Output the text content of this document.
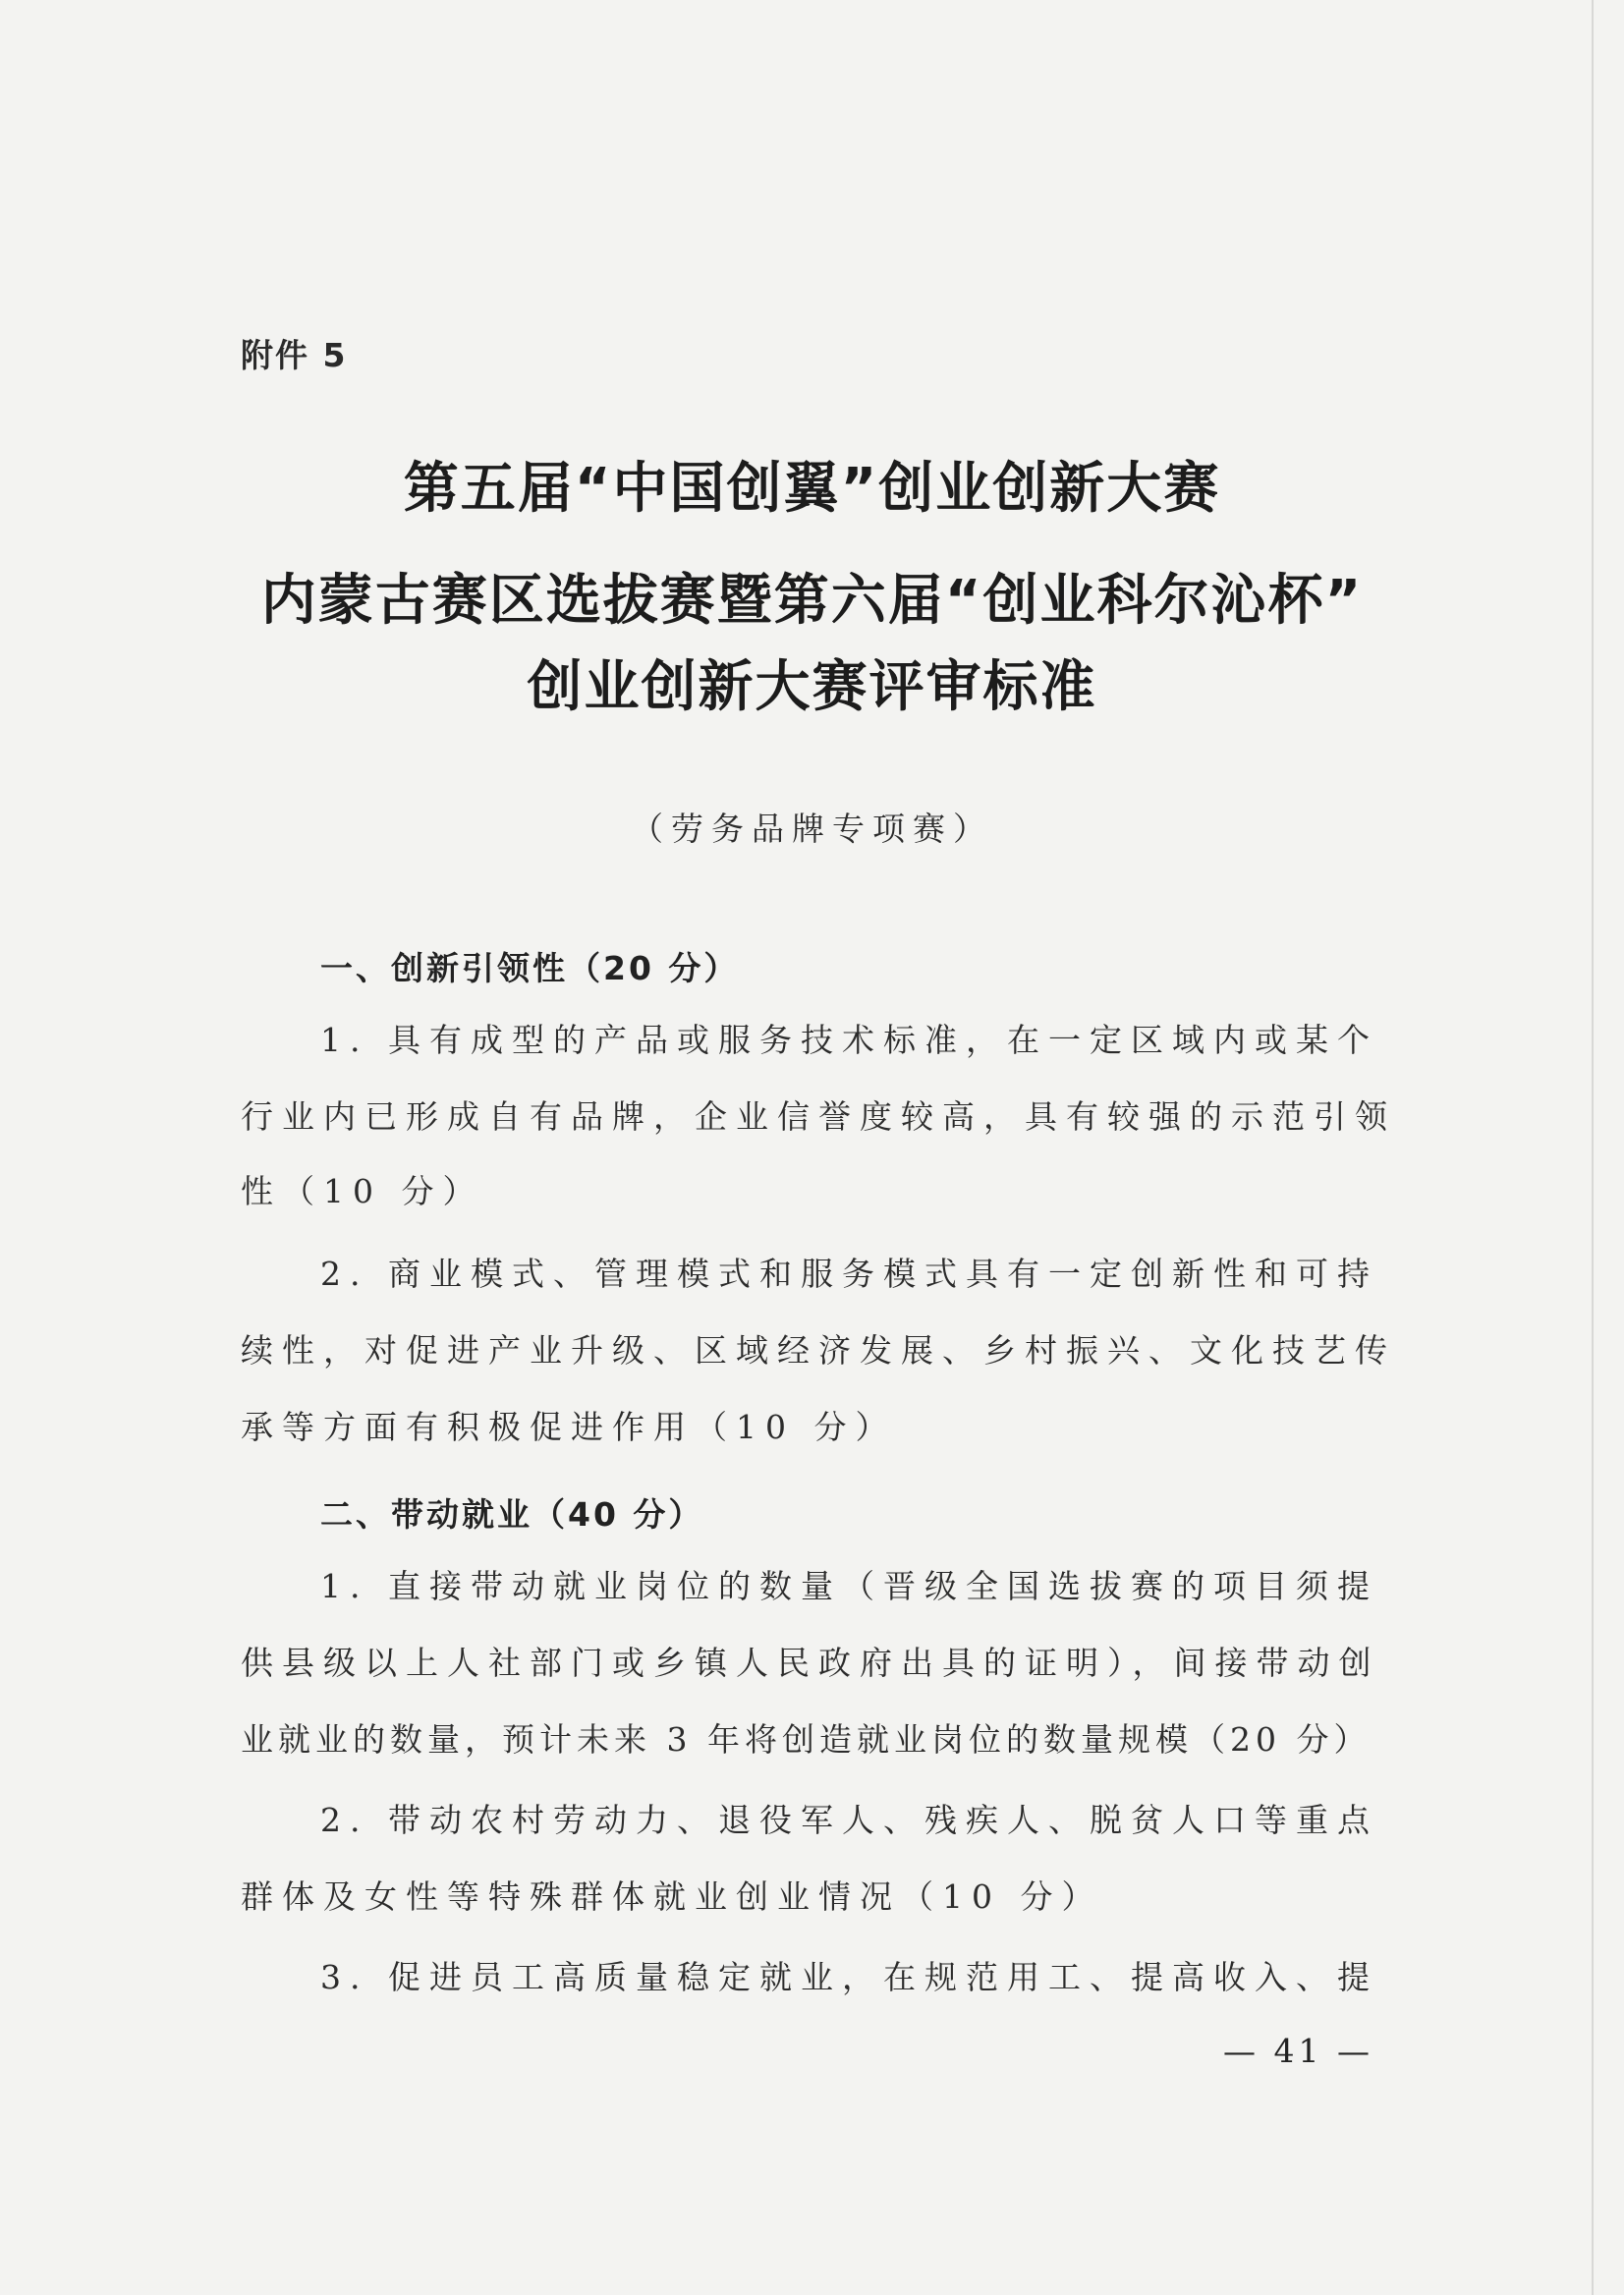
附件 5
第五届“中国创翼”创业创新大赛
内蒙古赛区选拔赛暨第六届“创业科尔沁杯”
创业创新大赛评审标准
（劳务品牌专项赛）
一、创新引领性（20 分）
1. 具有成型的产品或服务技术标准，在一定区域内或某个
行业内已形成自有品牌，企业信誉度较高，具有较强的示范引领
性（10 分）
2. 商业模式、管理模式和服务模式具有一定创新性和可持
续性，对促进产业升级、区域经济发展、乡村振兴、文化技艺传
承等方面有积极促进作用（10 分）
二、带动就业（40 分）
1. 直接带动就业岗位的数量（晋级全国选拔赛的项目须提
供县级以上人社部门或乡镇人民政府出具的证明），间接带动创
业就业的数量，预计未来 3 年将创造就业岗位的数量规模（20 分）
2. 带动农村劳动力、退役军人、残疾人、脱贫人口等重点
群体及女性等特殊群体就业创业情况（10 分）
3. 促进员工高质量稳定就业，在规范用工、提高收入、提
— 41 —
